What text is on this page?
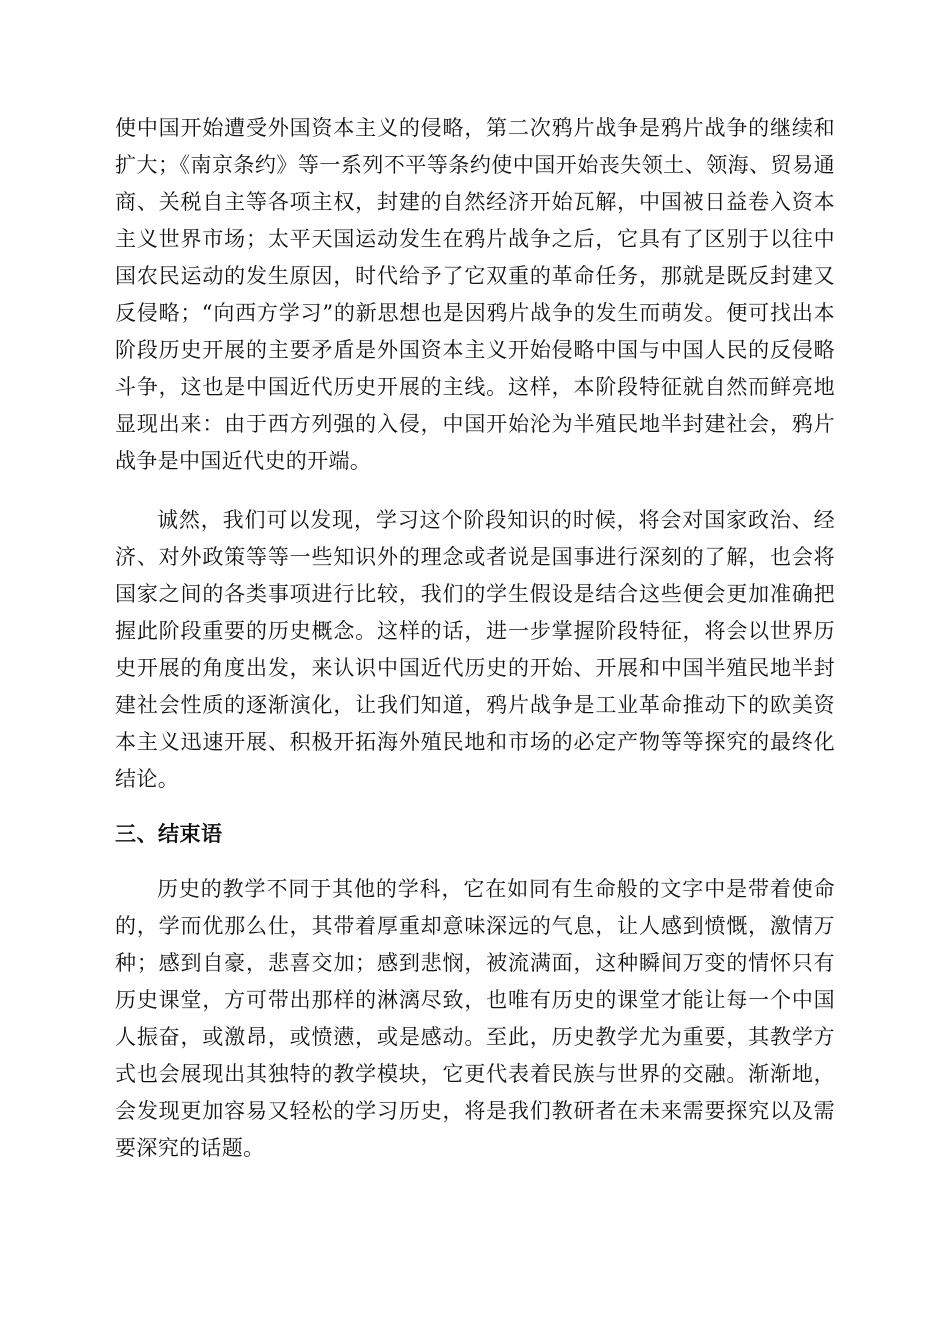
使中国开始遭受外国资本主义的侵略，第二次鸦片战争是鸦片战争的继续和扩大；《南京条约》等一系列不平等条约使中国开始丧失领土、领海、贸易通商、关税自主等各项主权，封建的自然经济开始瓦解，中国被日益卷入资本主义世界市场；太平天国运动发生在鸦片战争之后，它具有了区别于以往中国农民运动的发生原因，时代给予了它双重的革命任务，那就是既反封建又反侵略；“向西方学习”的新思想也是因鸦片战争的发生而萌发。便可找出本阶段历史开展的主要矛盾是外国资本主义开始侵略中国与中国人民的反侵略斗争，这也是中国近代历史开展的主线。这样，本阶段特征就自然而鲜亮地显现出来：由于西方列强的入侵，中国开始沦为半殖民地半封建社会，鸦片战争是中国近代史的开端。

诚然，我们可以发现，学习这个阶段知识的时候，将会对国家政治、经济、对外政策等等一些知识外的理念或者说是国事进行深刻的了解，也会将国家之间的各类事项进行比较，我们的学生假设是结合这些便会更加准确把握此阶段重要的历史概念。这样的话，进一步掌握阶段特征，将会以世界历史开展的角度出发，来认识中国近代历史的开始、开展和中国半殖民地半封建社会性质的逐渐演化，让我们知道，鸦片战争是工业革命推动下的欧美资本主义迅速开展、积极开拓海外殖民地和市场的必定产物等等探究的最终化结论。

三、结束语

历史的教学不同于其他的学科，它在如同有生命般的文字中是带着使命的，学而优那么仕，其带着厚重却意味深远的气息，让人感到愤慨，激情万种；感到自豪，悲喜交加；感到悲悯，被流满面，这种瞬间万变的情怀只有历史课堂，方可带出那样的淋漓尽致，也唯有历史的课堂才能让每一个中国人振奋，或激昂，或愤懑，或是感动。至此，历史教学尤为重要，其教学方式也会展现出其独特的教学模块，它更代表着民族与世界的交融。渐渐地，会发现更加容易又轻松的学习历史，将是我们教研者在未来需要探究以及需要深究的话题。
